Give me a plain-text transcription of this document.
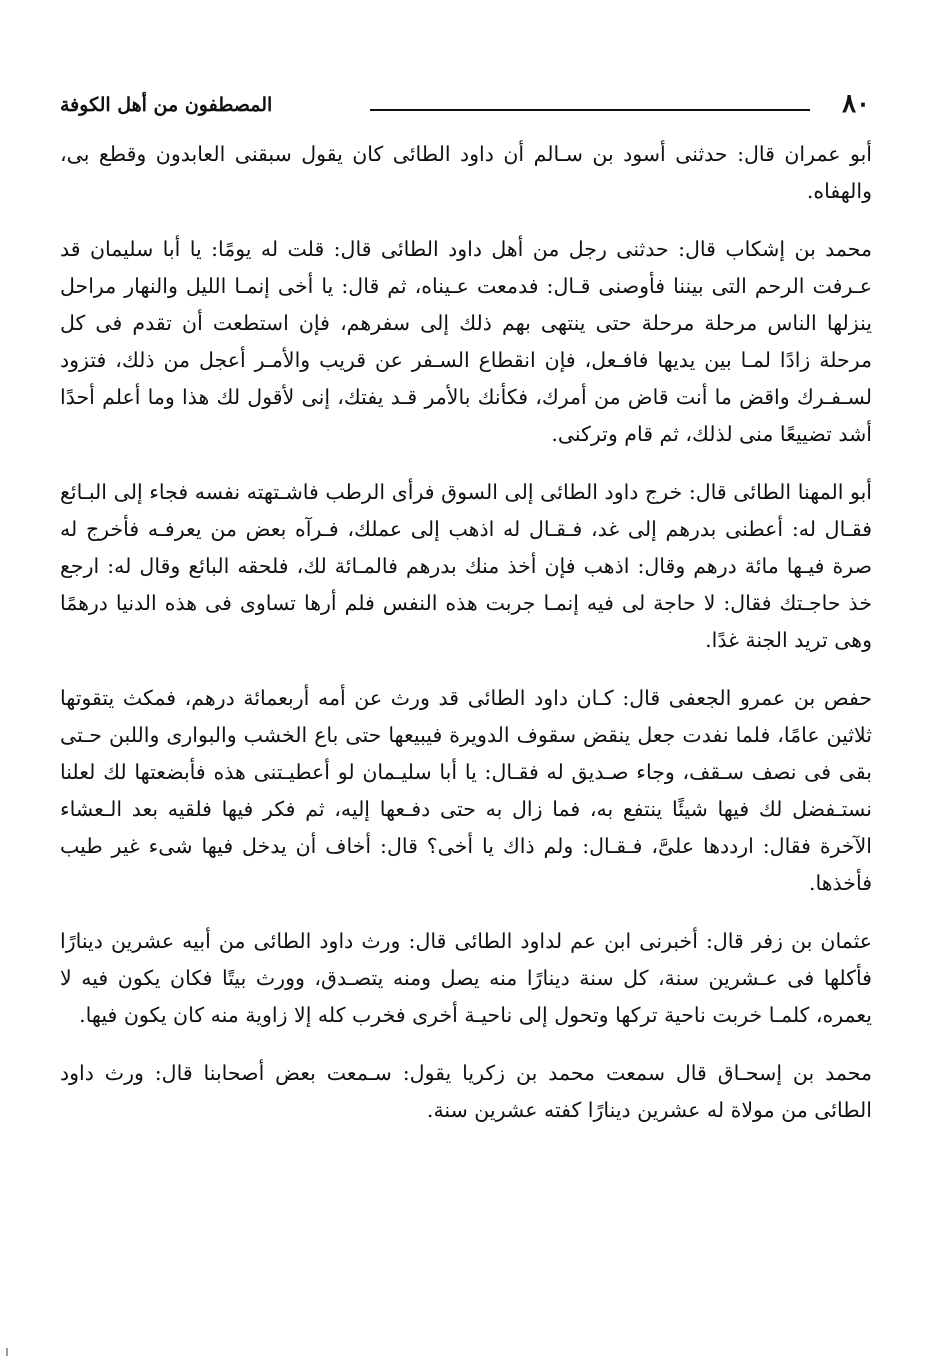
٨٠
المصطفون من أهل الكوفة

أبو عمران قال: حدثنى أسود بن سـالم أن داود الطائى كان يقول سبقنى العابدون وقطع بى، والهفاه.

محمد بن إشكاب قال: حدثنى رجل من أهل داود الطائى قال: قلت له يومًا: يا أبا سليمان قد عـرفت الرحم التى بيننا فأوصنى قـال: فدمعت عـيناه، ثم قال: يا أخى إنمـا الليل والنهار مراحل ينزلها الناس مرحلة مرحلة حتى ينتهى بهم ذلك إلى سفرهم، فإن استطعت أن تقدم فى كل مرحلة زادًا لمـا بين يديها فافـعل، فإن انقطاع السـفر عن قريب والأمـر أعجل من ذلك، فتزود لسـفـرك واقض ما أنت قاض من أمرك، فكأنك بالأمر قـد يفتك، إنى لأقول لك هذا وما أعلم أحدًا أشد تضييعًا منى لذلك، ثم قام وتركنى.

أبو المهنا الطائى قال: خرج داود الطائى إلى السوق فرأى الرطب فاشـتهته نفسه فجاء إلى البـائع فقـال له: أعطنى بدرهم إلى غد، فـقـال له اذهب إلى عملك، فـرآه بعض من يعرفـه فأخرج له صرة فيـها مائة درهم وقال: اذهب فإن أخذ منك بدرهم فالمـائة لك، فلحقه البائع وقال له: ارجع خذ حاجـتك فقال: لا حاجة لى فيه إنمـا جربت هذه النفس فلم أرها تساوى فى هذه الدنيا درهمًا وهى تريد الجنة غدًا.

حفص بن عمرو الجعفى قال: كـان داود الطائى قد ورث عن أمه أربعمائة درهم، فمكث يتقوتها ثلاثين عامًا، فلما نفدت جعل ينقض سقوف الدويرة فيبيعها حتى باع الخشب والبوارى واللبن حـتى بقى فى نصف سـقف، وجاء صـديق له فقـال: يا أبا سليـمان لو أعطيـتنى هذه فأبضعتها لك لعلنا نستـفضل لك فيها شيئًا ينتفع به، فما زال به حتى دفـعها إليه، ثم فكر فيها فلقيه بعد الـعشاء الآخرة فقال: ارددها علىَّ، فـقـال: ولم ذاك يا أخى؟ قال: أخاف أن يدخل فيها شىء غير طيب فأخذها.

عثمان بن زفر قال: أخبرنى ابن عم لداود الطائى قال: ورث داود الطائى من أبيه عشرين دينارًا فأكلها فى عـشرين سنة، كل سنة دينارًا منه يصل ومنه يتصـدق، وورث بيتًا فكان يكون فيه لا يعمره، كلمـا خربت ناحية تركها وتحول إلى ناحيـة أخرى فخرب كله إلا زاوية منه كان يكون فيها.

محمد بن إسحـاق قال سمعت محمد بن زكريا يقول: سـمعت بعض أصحابنا قال: ورث داود الطائى من مولاة له عشرين دينارًا كفته عشرين سنة.
